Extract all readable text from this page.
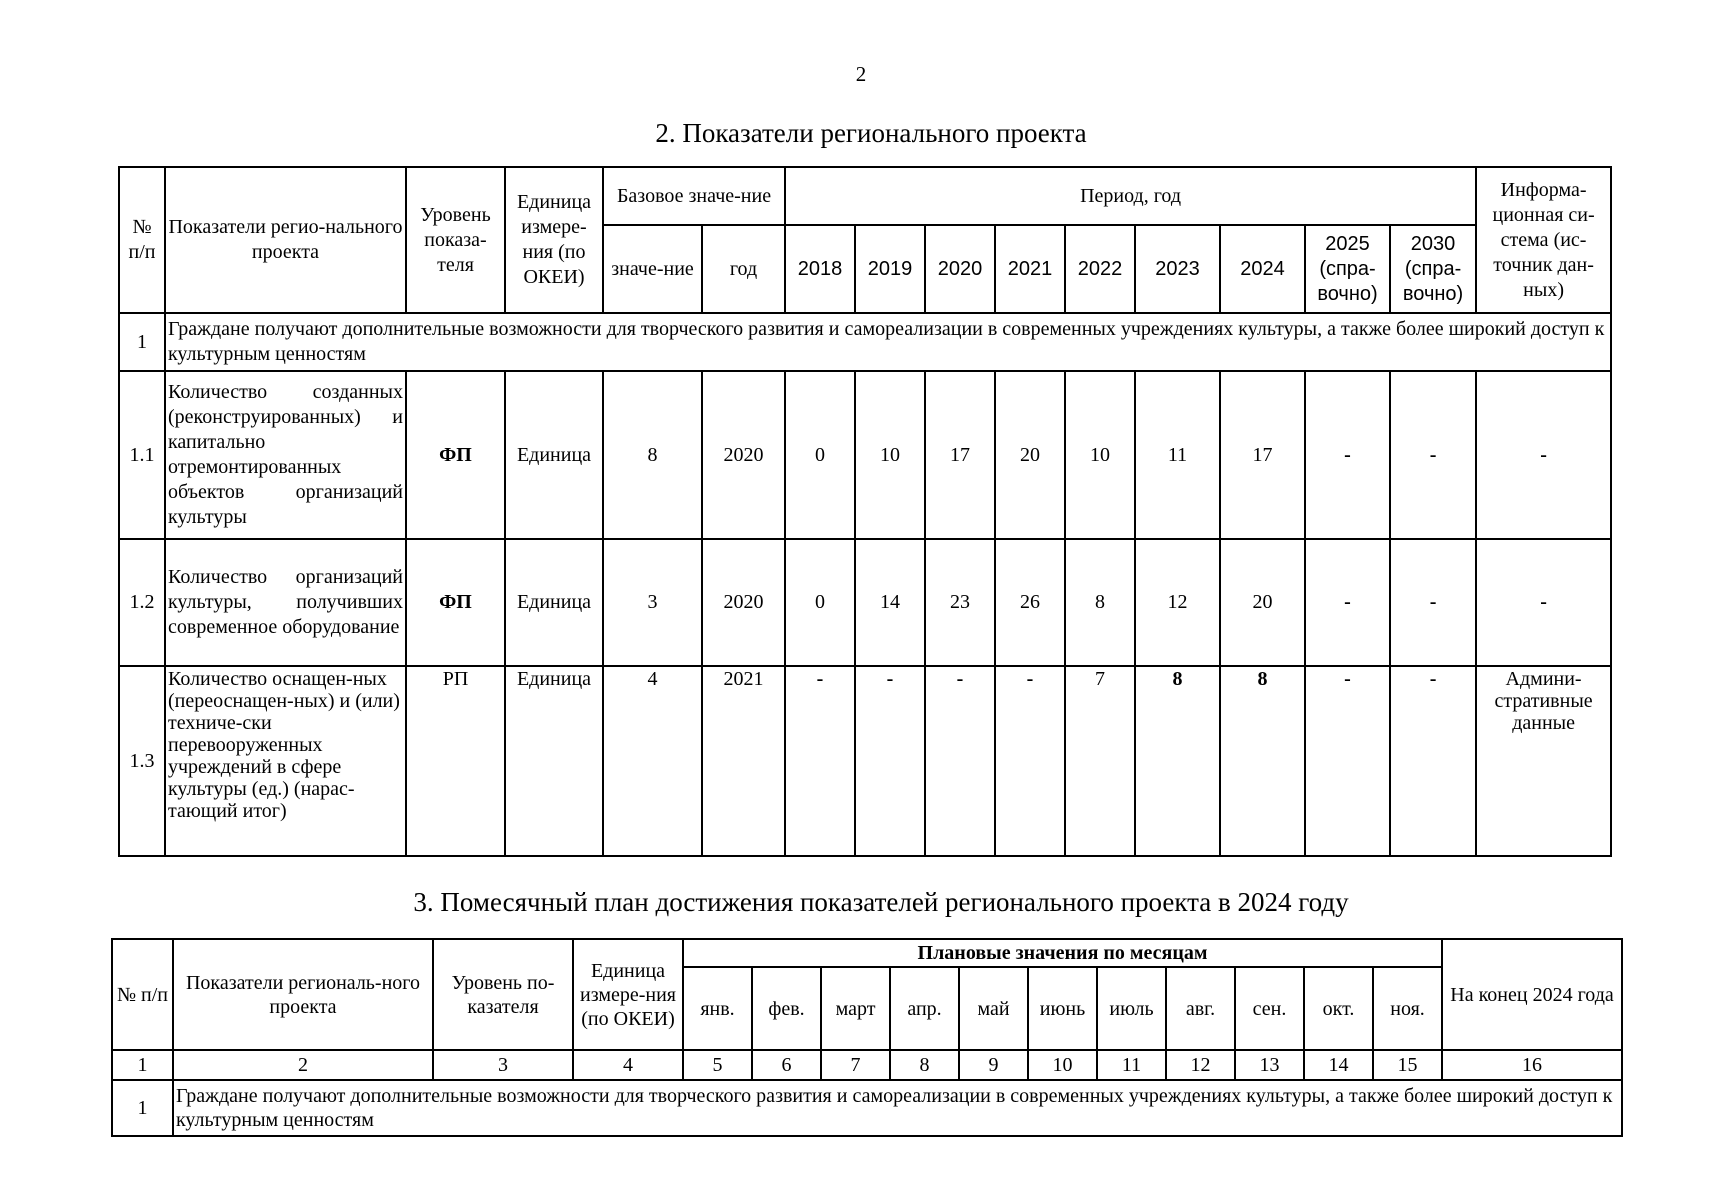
2
2. Показатели регионального проекта
№ п/п	Показатели регио-нального проекта	Уровень показа-теля	Единица измере-ния (по ОКЕИ)	Базовое значе-ние		Период, год									Информа-ционная си-стема (ис-точник дан-ных)
				значе-ние	год	2018	2019	2020	2021	2022	2023	2024	2025 (спра-вочно)	2030 (спра-вочно)	
1	Граждане получают дополнительные возможности для творческого развития и самореализации в современных учреждениях культуры, а также более широкий доступ к культурным ценностям														
1.1	Количество созданных (реконструированных) и капитально отремонтированных объектов организаций культуры	ФП	Единица	8	2020	0	10	17	20	10	11	17	-	-	-
1.2	Количество организаций культуры, получивших современное оборудование	ФП	Единица	3	2020	0	14	23	26	8	12	20	-	-	-
1.3	Количество оснащен-ных (переоснащен-ных) и (или) техниче-ски перевооруженных учреждений в сфере культуры (ед.) (нарас-тающий итог)	РП	Единица	4	2021	-	-	-	-	7	8	8	-	-	Админи-стративные данные
3. Помесячный план достижения показателей регионального проекта в 2024 году
№ п/п	Показатели региональ-ного проекта	Уровень по-казателя	Единица измере-ния (по ОКЕИ)	Плановые значения по месяцам											На конец 2024 года
				янв.	фев.	март	апр.	май	июнь	июль	авг.	сен.	окт.	ноя.	
1	2	3	4	5	6	7	8	9	10	11	12	13	14	15	16
1	Граждане получают дополнительные возможности для творческого развития и самореализации в современных учреждениях культуры, а также более широкий доступ к культурным ценностям														
